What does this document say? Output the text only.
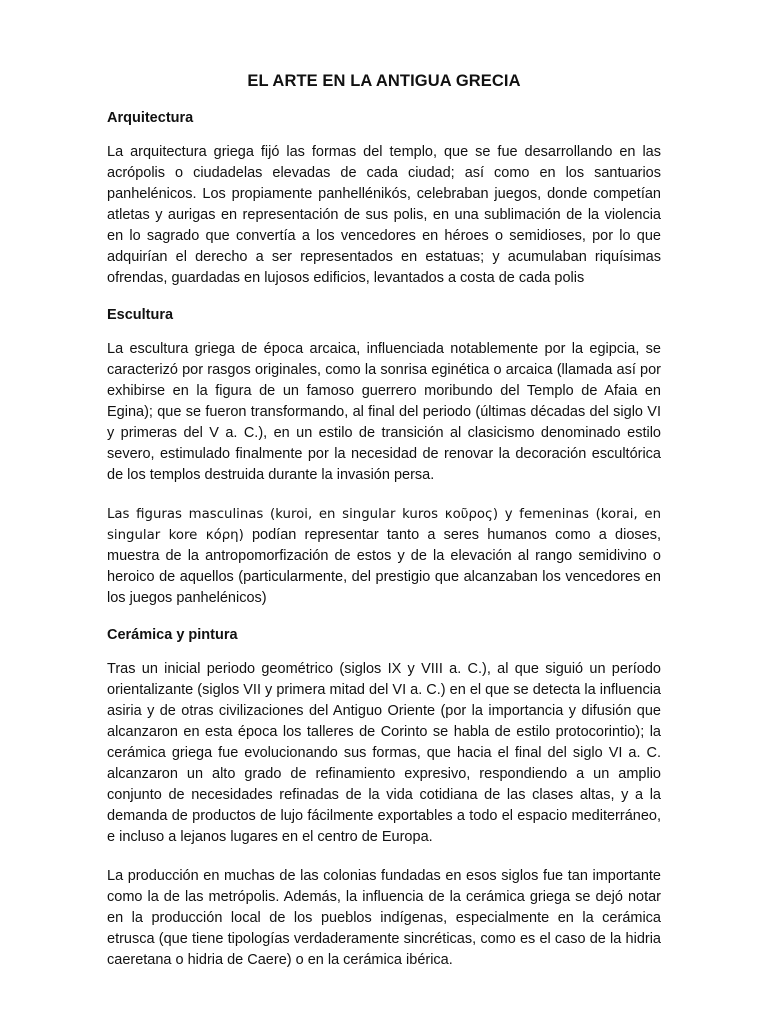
EL ARTE EN LA ANTIGUA GRECIA
Arquitectura

La arquitectura griega fijó las formas del templo, que se fue desarrollando en las acrópolis o ciudadelas elevadas de cada ciudad; así como en los santuarios panhelénicos. Los propiamente panhellénikós, celebraban juegos, donde competían atletas y aurigas en representación de sus polis, en una sublimación de la violencia en lo sagrado que convertía a los vencedores en héroes o semidioses, por lo que adquirían el derecho a ser representados en estatuas; y acumulaban riquísimas ofrendas, guardadas en lujosos edificios, levantados a costa de cada polis

Escultura

La escultura griega de época arcaica, influenciada notablemente por la egipcia, se caracterizó por rasgos originales, como la sonrisa eginética o arcaica (llamada así por exhibirse en la figura de un famoso guerrero moribundo del Templo de Afaia en Egina); que se fueron transformando, al final del periodo (últimas décadas del siglo VI y primeras del V a. C.), en un estilo de transición al clasicismo denominado estilo severo, estimulado finalmente por la necesidad de renovar la decoración escultórica de los templos destruida durante la invasión persa.

Las figuras masculinas (kuroi, en singular kuros κοῦρος) y femeninas (korai, en singular kore κόρη) podían representar tanto a seres humanos como a dioses, muestra de la antropomorfización de estos y de la elevación al rango semidivino o heroico de aquellos (particularmente, del prestigio que alcanzaban los vencedores en los juegos panhelénicos)

Cerámica y pintura

Tras un inicial periodo geométrico (siglos IX y VIII a. C.), al que siguió un período orientalizante (siglos VII y primera mitad del VI a. C.) en el que se detecta la influencia asiria y de otras civilizaciones del Antiguo Oriente (por la importancia y difusión que alcanzaron en esta época los talleres de Corinto se habla de estilo protocorintio); la cerámica griega fue evolucionando sus formas, que hacia el final del siglo VI a. C. alcanzaron un alto grado de refinamiento expresivo, respondiendo a un amplio conjunto de necesidades refinadas de la vida cotidiana de las clases altas, y a la demanda de productos de lujo fácilmente exportables a todo el espacio mediterráneo, e incluso a lejanos lugares en el centro de Europa.

La producción en muchas de las colonias fundadas en esos siglos fue tan importante como la de las metrópolis. Además, la influencia de la cerámica griega se dejó notar en la producción local de los pueblos indígenas, especialmente en la cerámica etrusca (que tiene tipologías verdaderamente sincréticas, como es el caso de la hidria caeretana o hidria de Caere) o en la cerámica ibérica.
